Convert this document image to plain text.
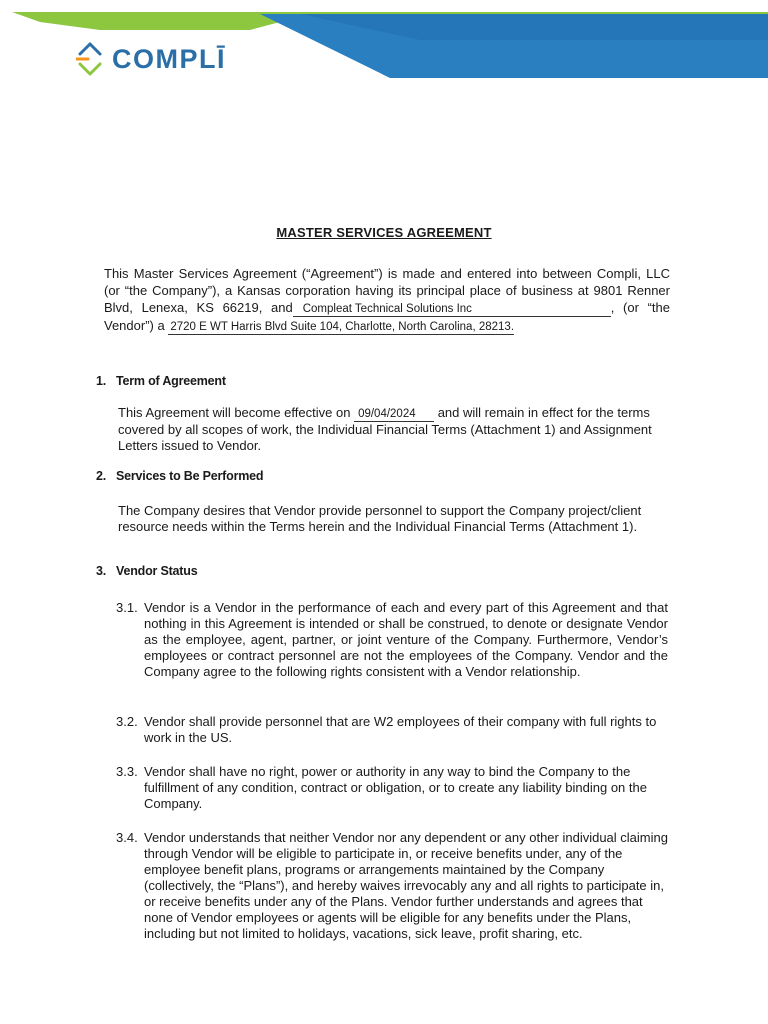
COMPLĪ
MASTER SERVICES AGREEMENT
This Master Services Agreement (“Agreement”) is made and entered into between Compli, LLC (or “the Company”), a Kansas corporation having its principal place of business at 9801 Renner Blvd, Lenexa, KS 66219, and Compleat Technical Solutions Inc	, (or “the Vendor”) a 2720 E WT Harris Blvd Suite 104, Charlotte, North Carolina, 28213.
1. Term of Agreement
This Agreement will become effective on 09/04/2024 and will remain in effect for the terms covered by all scopes of work, the Individual Financial Terms (Attachment 1) and Assignment Letters issued to Vendor.
2. Services to Be Performed
The Company desires that Vendor provide personnel to support the Company project/client resource needs within the Terms herein and the Individual Financial Terms (Attachment 1).
3. Vendor Status
3.1. Vendor is a Vendor in the performance of each and every part of this Agreement and that nothing in this Agreement is intended or shall be construed, to denote or designate Vendor as the employee, agent, partner, or joint venture of the Company. Furthermore, Vendor’s employees or contract personnel are not the employees of the Company. Vendor and the Company agree to the following rights consistent with a Vendor relationship.
3.2. Vendor shall provide personnel that are W2 employees of their company with full rights to work in the US.
3.3. Vendor shall have no right, power or authority in any way to bind the Company to the fulfillment of any condition, contract or obligation, or to create any liability binding on the Company.
3.4. Vendor understands that neither Vendor nor any dependent or any other individual claiming through Vendor will be eligible to participate in, or receive benefits under, any of the employee benefit plans, programs or arrangements maintained by the Company (collectively, the “Plans”), and hereby waives irrevocably any and all rights to participate in, or receive benefits under any of the Plans. Vendor further understands and agrees that none of Vendor employees or agents will be eligible for any benefits under the Plans, including but not limited to holidays, vacations, sick leave, profit sharing, etc.
